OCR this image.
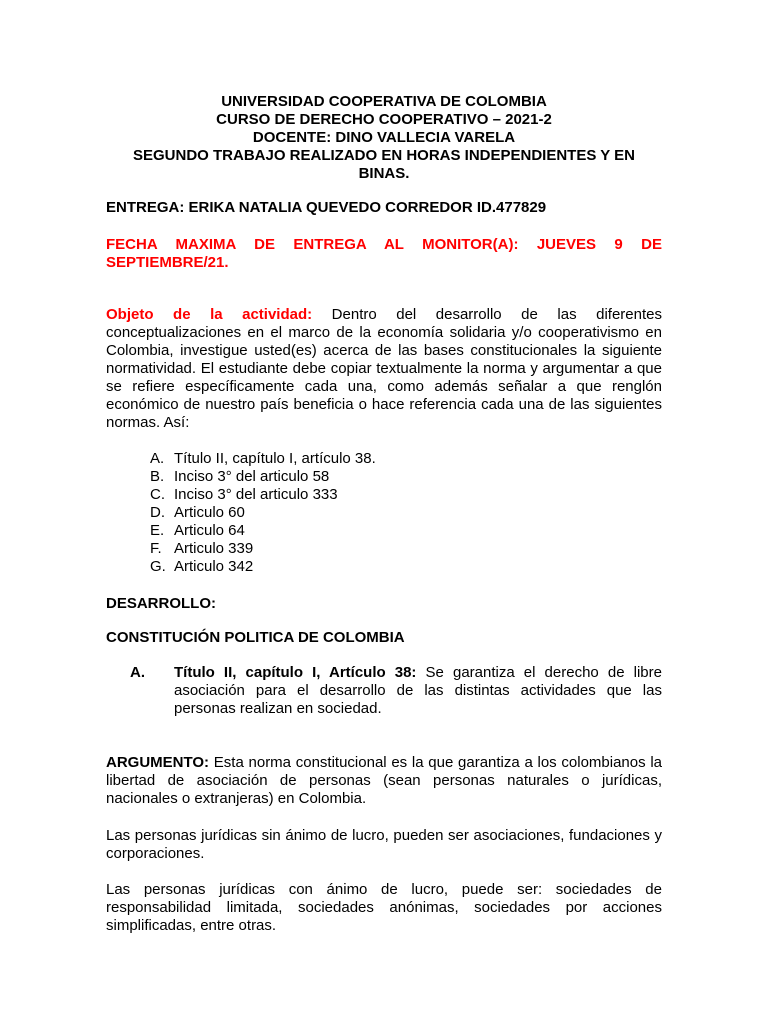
UNIVERSIDAD COOPERATIVA DE COLOMBIA
CURSO DE DERECHO COOPERATIVO – 2021-2
DOCENTE: DINO VALLECIA VARELA
SEGUNDO TRABAJO REALIZADO EN HORAS INDEPENDIENTES Y EN BINAS.
ENTREGA: ERIKA NATALIA QUEVEDO CORREDOR ID.477829
FECHA MAXIMA DE ENTREGA AL MONITOR(A): JUEVES 9 DE
SEPTIEMBRE/21.
Objeto de la actividad: Dentro del desarrollo de las diferentes conceptualizaciones en el marco de la economía solidaria y/o cooperativismo en Colombia, investigue usted(es) acerca de las bases constitucionales la siguiente normatividad. El estudiante debe copiar textualmente la norma y argumentar a que se refiere específicamente cada una, como además señalar a que renglón económico de nuestro país beneficia o hace referencia cada una de las siguientes normas. Así:
A. Título II, capítulo I, artículo 38.
B. Inciso 3° del articulo 58
C. Inciso 3° del articulo 333
D. Articulo 60
E. Articulo 64
F. Articulo 339
G. Articulo 342
DESARROLLO:
CONSTITUCIÓN POLITICA DE COLOMBIA
A. Título II, capítulo I, Artículo 38: Se garantiza el derecho de libre asociación para el desarrollo de las distintas actividades que las personas realizan en sociedad.
ARGUMENTO: Esta norma constitucional es la que garantiza a los colombianos la libertad de asociación de personas (sean personas naturales o jurídicas, nacionales o extranjeras) en Colombia.
Las personas jurídicas sin ánimo de lucro, pueden ser asociaciones, fundaciones y corporaciones.
Las personas jurídicas con ánimo de lucro, puede ser: sociedades de responsabilidad limitada, sociedades anónimas, sociedades por acciones simplificadas, entre otras.
